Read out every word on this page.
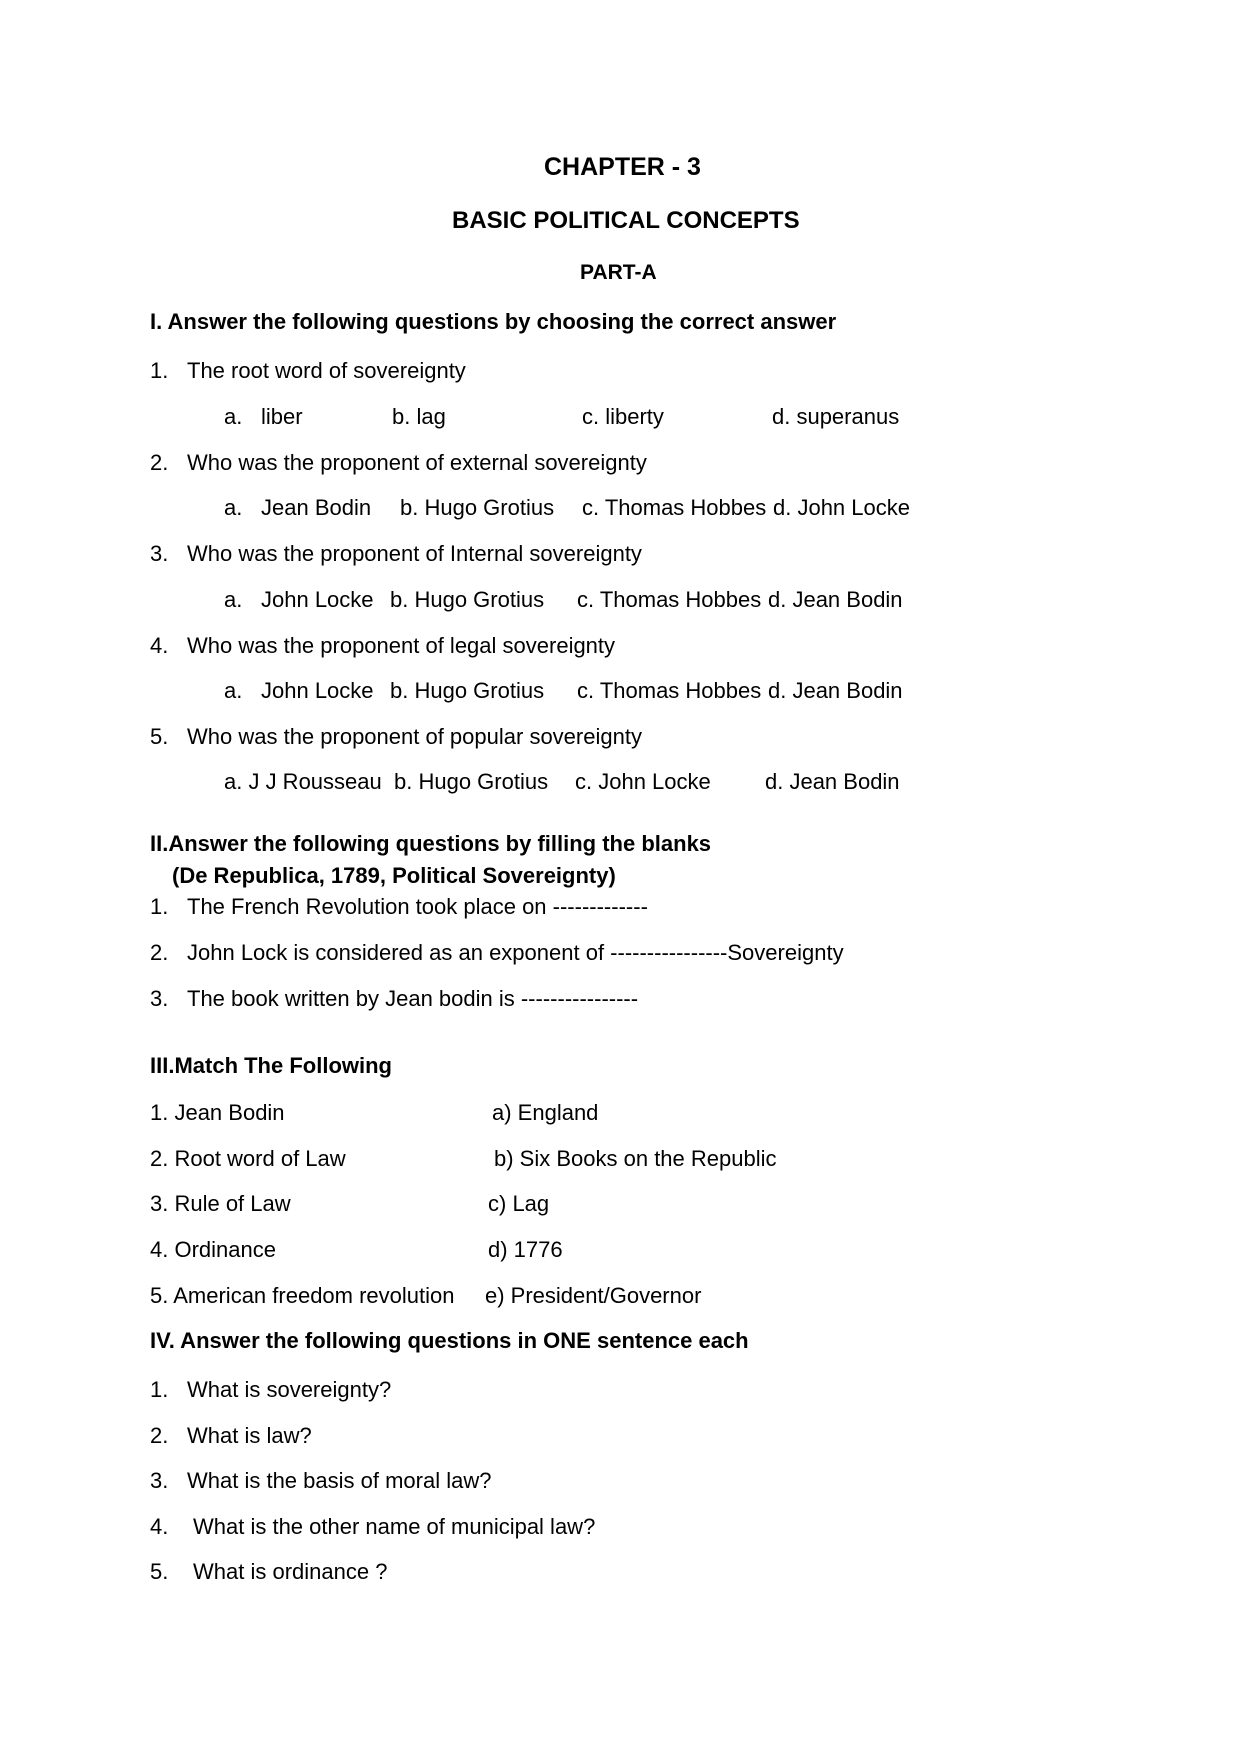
CHAPTER - 3
BASIC POLITICAL CONCEPTS
PART-A
I. Answer the following questions by choosing the correct answer
1. The root word of sovereignty
a. liber	b. lag	c. liberty	d. superanus
2. Who was the proponent of external sovereignty
a. Jean Bodin b. Hugo Grotius c. Thomas Hobbes d. John Locke
3. Who was the proponent of Internal sovereignty
a. John Locke b. Hugo Grotius c. Thomas Hobbes d. Jean Bodin
4. Who was the proponent of legal sovereignty
a. John Locke b. Hugo Grotius c. Thomas Hobbes d. Jean Bodin
5. Who was the proponent of popular sovereignty
a. J J Rousseau b. Hugo Grotius c. John Locke d. Jean Bodin
II.Answer the following questions by filling the blanks
(De Republica, 1789, Political Sovereignty)
1. The French Revolution took place on -------------
2. John Lock is considered as an exponent of ----------------Sovereignty
3. The book written by Jean bodin is ----------------
III.Match The Following
1. Jean Bodin	a) England
2. Root word of Law	b) Six Books on the Republic
3. Rule of Law	c) Lag
4. Ordinance	d) 1776
5. American freedom revolution e) President/Governor
IV. Answer the following questions in ONE sentence each
1. What is sovereignty?
2. What is law?
3. What is the basis of moral law?
4. What is the other name of municipal law?
5. What is ordinance ?
